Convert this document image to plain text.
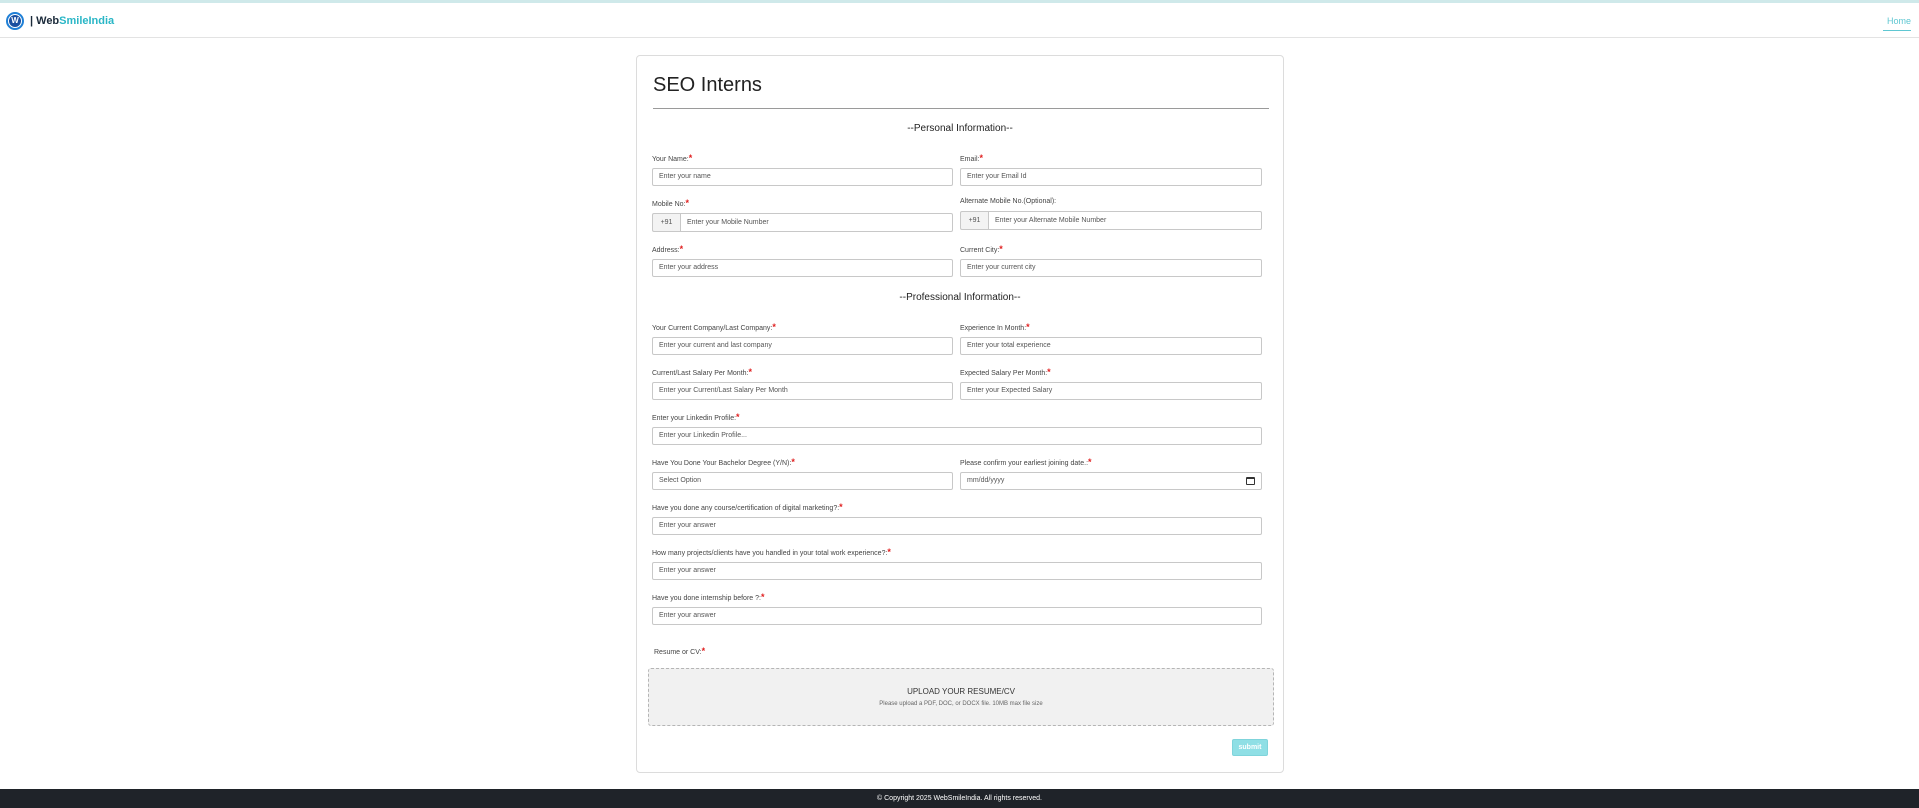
W | WebSmileIndia	Home
SEO Interns
--Personal Information--
Your Name:*
Enter your name
Email:*
Enter your Email Id
Mobile No:*
+91	Enter your Mobile Number
Alternate Mobile No.(Optional):
+91	Enter your Alternate Mobile Number
Address:*
Enter your address
Current City:*
Enter your current city
--Professional Information--
Your Current Company/Last Company:*
Enter your current and last company
Experience In Month:*
Enter your total experience
Current/Last Salary Per Month:*
Enter your Current/Last Salary Per Month
Expected Salary Per Month:*
Enter your Expected Salary
Enter your Linkedin Profile:*
Enter your Linkedin Profile...
Have You Done Your Bachelor Degree (Y/N):*
Select Option
Please confirm your earliest joining date.:*
mm/dd/yyyy
Have you done any course/certification of digital marketing?:*
Enter your answer
How many projects/clients have you handled in your total work experience?:*
Enter your answer
Have you done internship before ?:*
Enter your answer
Resume or CV:*
UPLOAD YOUR RESUME/CV
Please upload a PDF, DOC, or DOCX file. 10MB max file size
submit
© Copyright 2025 WebSmileIndia. All rights reserved.
